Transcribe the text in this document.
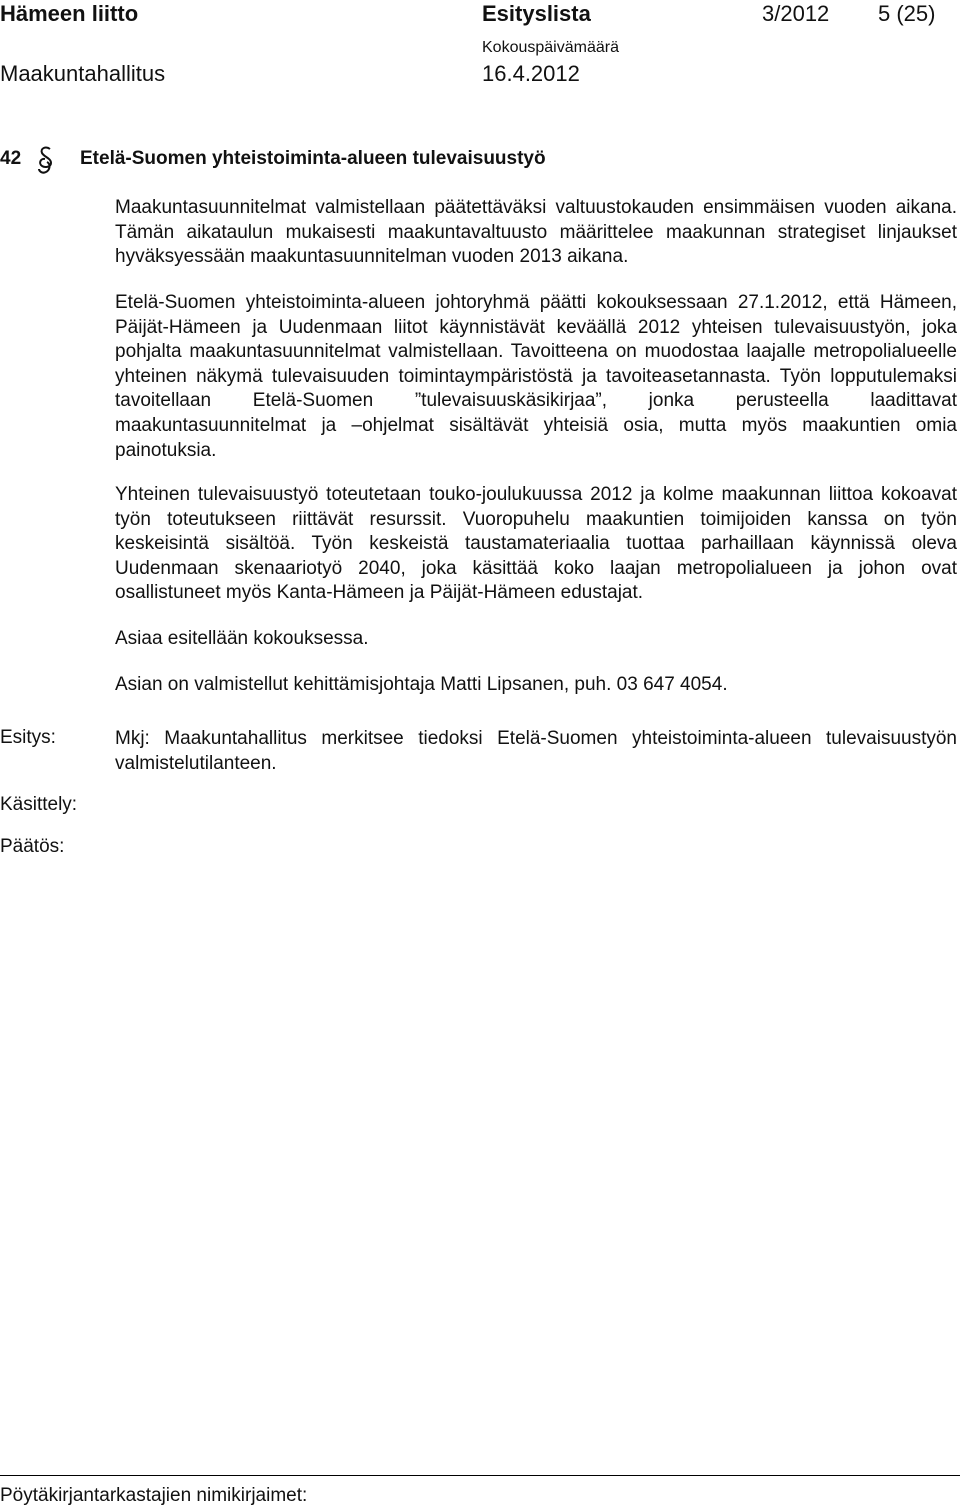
Hämeen liitto	Esityslista	3/2012 5 (25)
Kokouspäivämäärä
Maakuntahallitus	16.4.2012
42	Etelä-Suomen yhteistoiminta-alueen tulevaisuustyö

Maakuntasuunnitelmat valmistellaan päätettäväksi valtuustokauden ensimmäisen vuoden aikana. Tämän aikataulun mukaisesti maakuntavaltuusto määrittelee maakunnan strategiset linjaukset hyväksyessään maakuntasuunnitelman vuoden 2013 aikana.

Etelä-Suomen yhteistoiminta-alueen johtoryhmä päätti kokouksessaan 27.1.2012, että Hämeen, Päijät-Hämeen ja Uudenmaan liitot käynnistävät keväällä 2012 yhteisen tulevaisuustyön, joka pohjalta maakuntasuunnitelmat valmistellaan. Tavoitteena on muodostaa laajalle metropolialueelle yhteinen näkymä tulevaisuuden toimintaympäristöstä ja tavoiteasetannasta. Työn lopputulemaksi tavoitellaan Etelä-Suomen ”tulevaisuuskäsikirjaa”, jonka perusteella laadittavat maakuntasuunnitelmat ja –ohjelmat sisältävät yhteisiä osia, mutta myös maakuntien omia painotuksia.

Yhteinen tulevaisuustyö toteutetaan touko-joulukuussa 2012 ja kolme maakunnan liittoa kokoavat työn toteutukseen riittävät resurssit. Vuoropuhelu maakuntien toimijoiden kanssa on työn keskeisintä sisältöä. Työn keskeistä taustamateriaalia tuottaa parhaillaan käynnissä oleva Uudenmaan skenaariotyö 2040, joka käsittää koko laajan metropolialueen ja johon ovat osallistuneet myös Kanta-Hämeen ja Päijät-Hämeen edustajat.

Asiaa esitellään kokouksessa.

Asian on valmistellut kehittämisjohtaja Matti Lipsanen, puh. 03 647 4054.

Esitys:	Mkj: Maakuntahallitus merkitsee tiedoksi Etelä-Suomen yhteistoiminta-alueen tulevaisuustyön valmistelutilanteen.

Käsittely:
Päätös:
Pöytäkirjantarkastajien nimikirjaimet:
